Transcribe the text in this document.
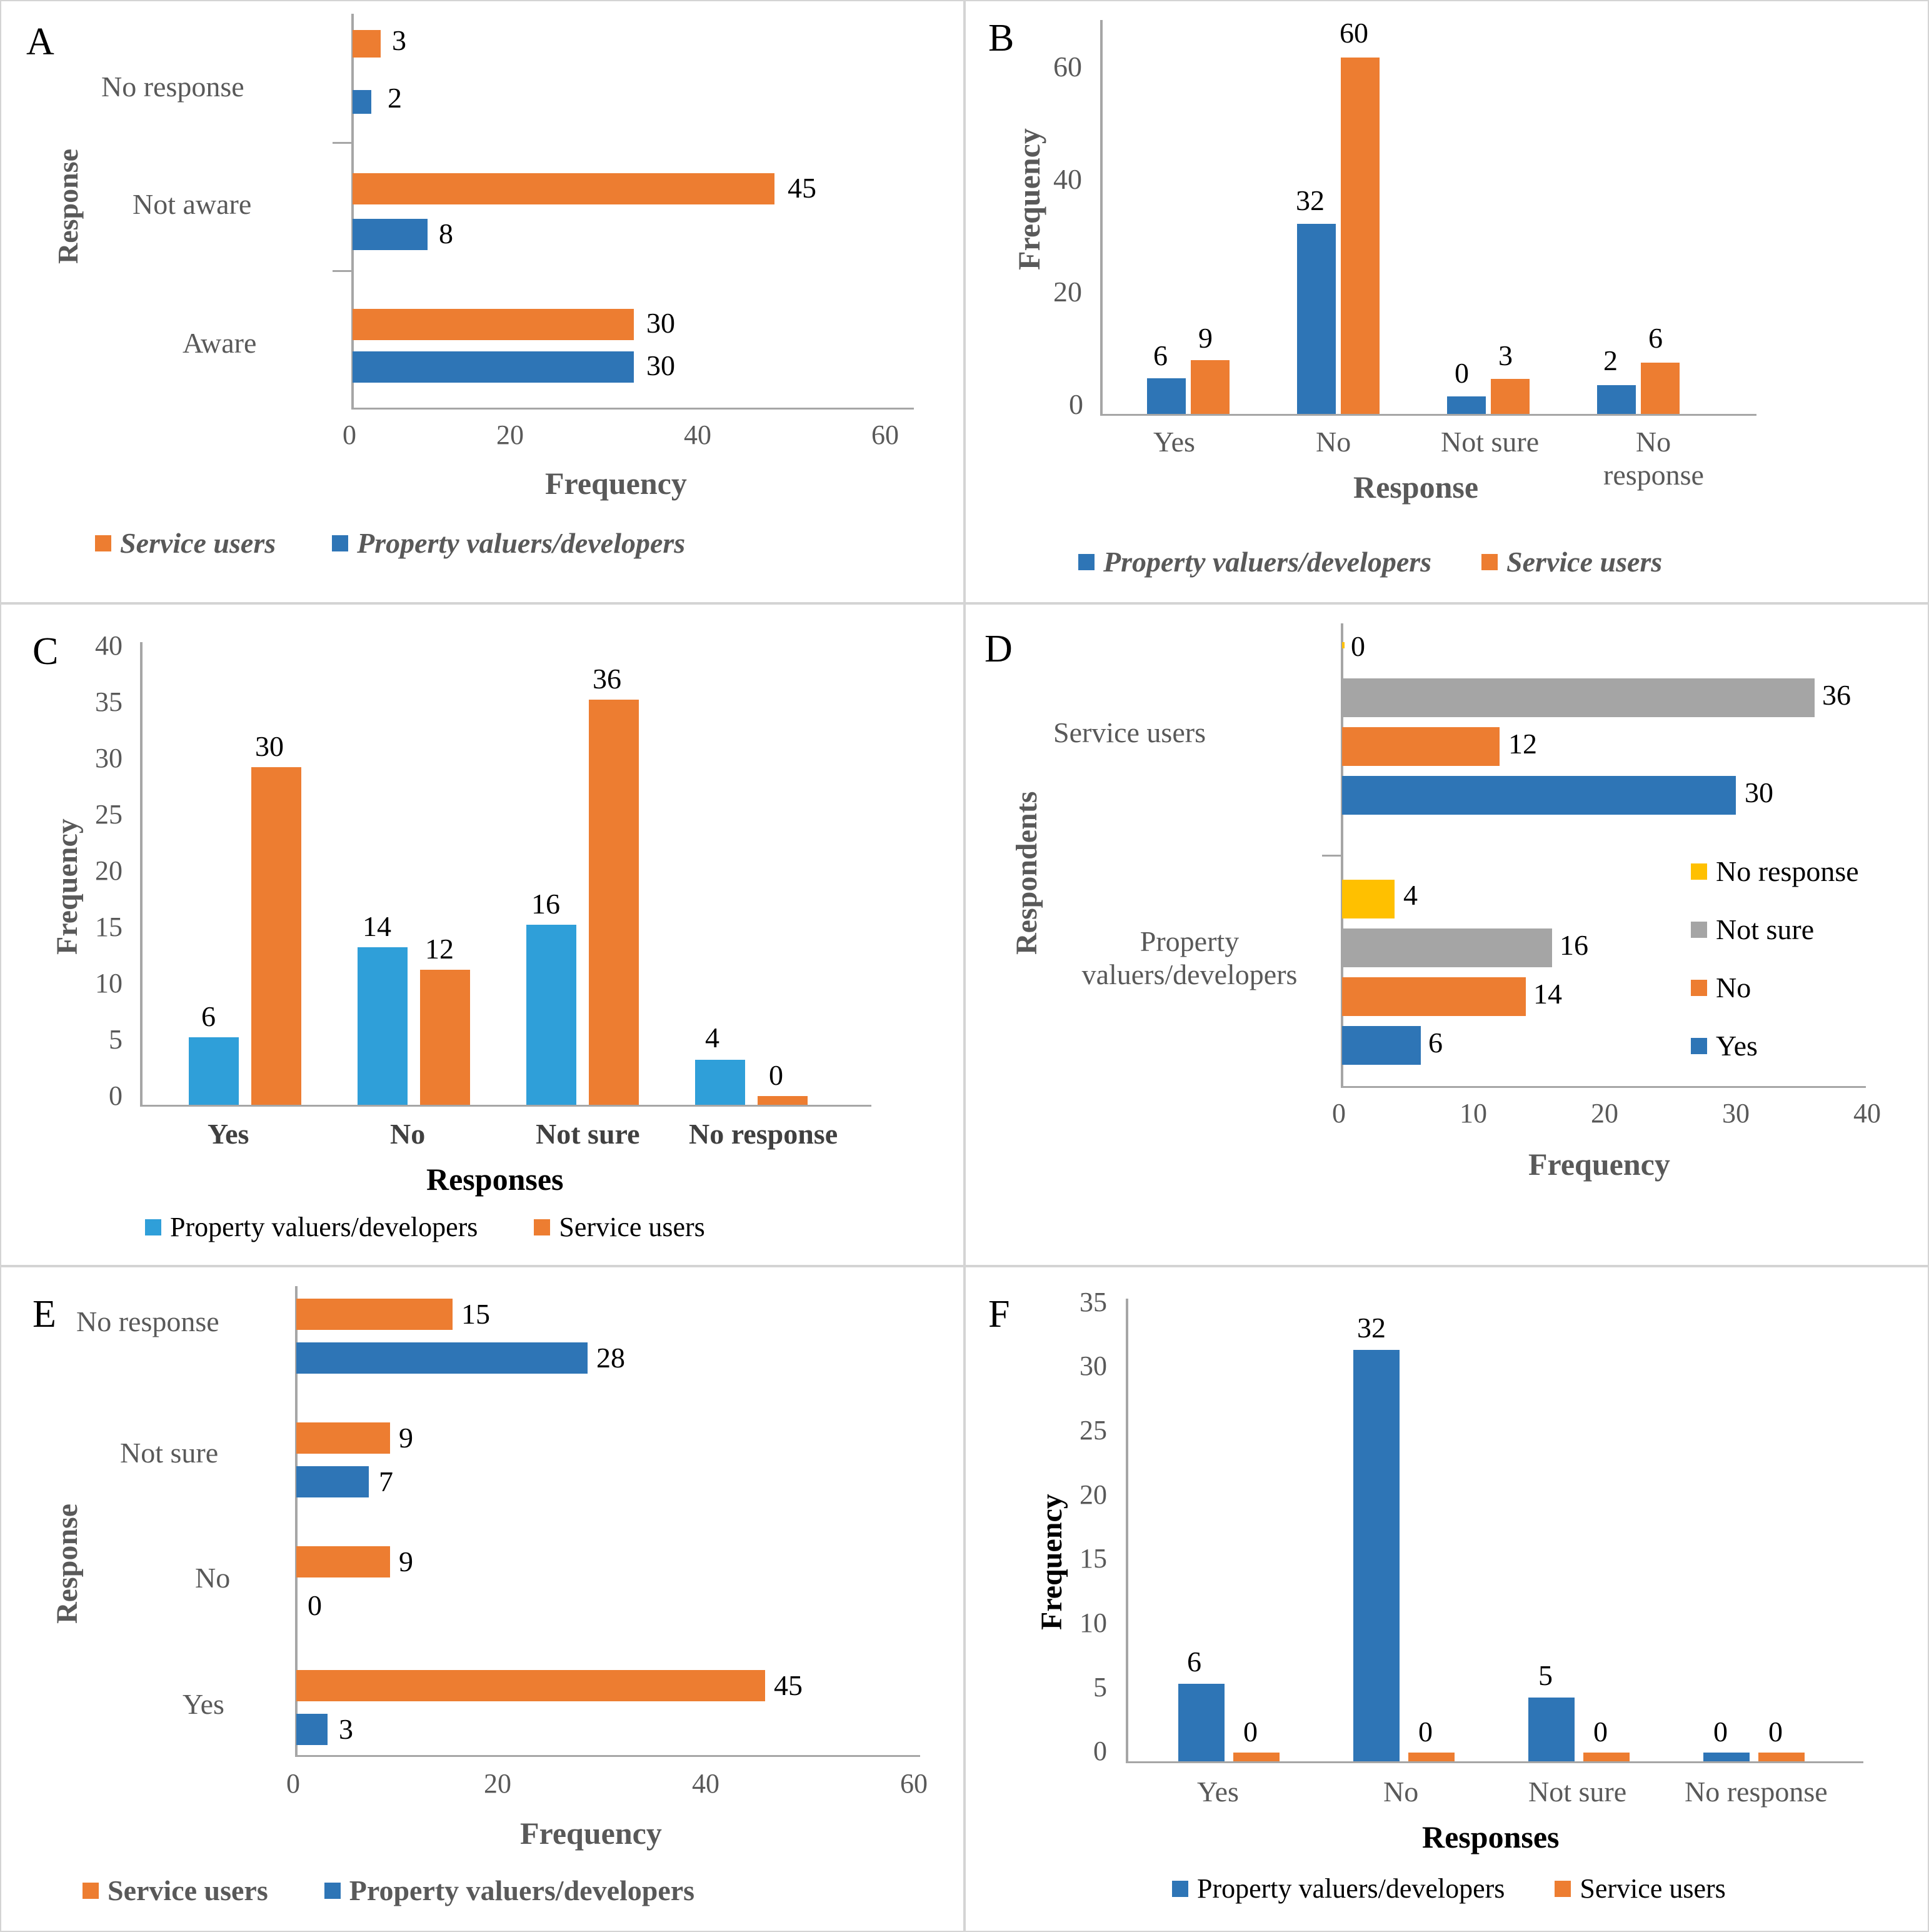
A
Response
No response
Not aware
Aware
3
2
45
8
30
30
0	20	40	60
Frequency
Service users	Property valuers/developers
B
Frequency
60
40
20
0
6
9
32
60
0
3	2
6
Yes	No	Not sure	No
response
Response
Property valuers/developers	Service users
C
Frequency
40
35
30
25
20
15
10
5
0
6
30
14
12
16
36
4
0
Yes	No	Not sure No response
Responses
Property valuers/developers	Service users
D
Respondents
Service users
Property
valuers/developers
0
36
12
30
4
16
14
6
0	10	20	30	40
Frequency
No response
Not sure
No
Yes
E
Response
No response
Not sure
No
Yes
15
28
9
7
9
0
45
3
0	20	40	60
Frequency
Service users	Property valuers/developers
F
Frequency
35
30
25
20
15
10
5
0
6
0
32
0
5
0	0 0
Yes	No	Not sure No response
Responses
Property valuers/developers	Service users
